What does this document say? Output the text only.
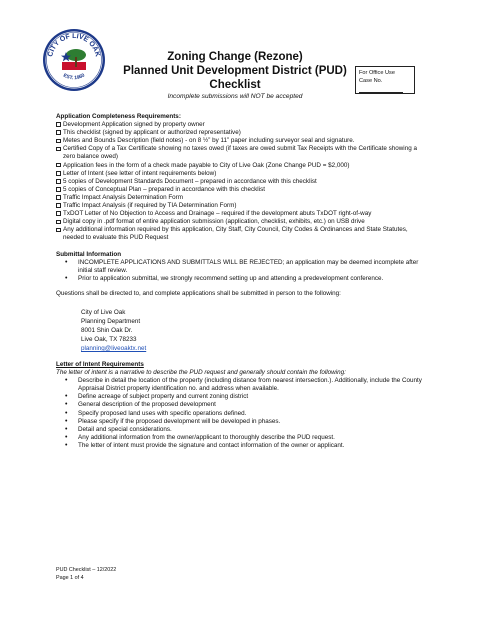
CITY OF LIVE OAK
EST. 1960
Zoning Change (Rezone)
Planned Unit Development District (PUD) Checklist
Incomplete submissions will NOT be accepted
For Office Use
Case No.
Application Completeness Requirements:
Development Application signed by property owner
This checklist (signed by applicant or authorized representative)
Metes and Bounds Description (field notes) - on 8 ½” by 11” paper including surveyor seal and signature.
Certified Copy of a Tax Certificate showing no taxes owed (if taxes are owed submit Tax Receipts with the Certificate showing a zero balance owed)
Application fees in the form of a check made payable to City of Live Oak (Zone Change PUD = $2,000)
Letter of Intent (see letter of intent requirements below)
5 copies of Development Standards Document – prepared in accordance with this checklist
5 copies of Conceptual Plan – prepared in accordance with this checklist
Traffic Impact Analysis Determination Form
Traffic Impact Analysis (if required by TIA Determination Form)
TxDOT Letter of No Objection to Access and Drainage – required if the development abuts TxDOT right-of-way
Digital copy in .pdf format of entire application submission (application, checklist, exhibits, etc.) on USB drive
Any additional information required by this application, City Staff, City Council, City Codes & Ordinances and State Statutes, needed to evaluate this PUD Request
Submittal Information
• INCOMPLETE APPLICATIONS AND SUBMITTALS WILL BE REJECTED; an application may be deemed incomplete after initial staff review.
• Prior to application submittal, we strongly recommend setting up and attending a predevelopment conference.
Questions shall be directed to, and complete applications shall be submitted in person to the following:
City of Live Oak
Planning Department
8001 Shin Oak Dr.
Live Oak, TX 78233
planning@liveoaktx.net
Letter of Intent Requirements
The letter of intent is a narrative to describe the PUD request and generally should contain the following:
• Describe in detail the location of the property (including distance from nearest intersection.). Additionally, include the County Appraisal District property identification no. and address when available.
• Define acreage of subject property and current zoning district
• General description of the proposed development
• Specify proposed land uses with specific operations defined.
• Please specify if the proposed development will be developed in phases.
• Detail and special considerations.
• Any additional information from the owner/applicant to thoroughly describe the PUD request.
• The letter of intent must provide the signature and contact information of the owner or applicant.
PUD Checklist – 12/2022
Page 1 of 4
